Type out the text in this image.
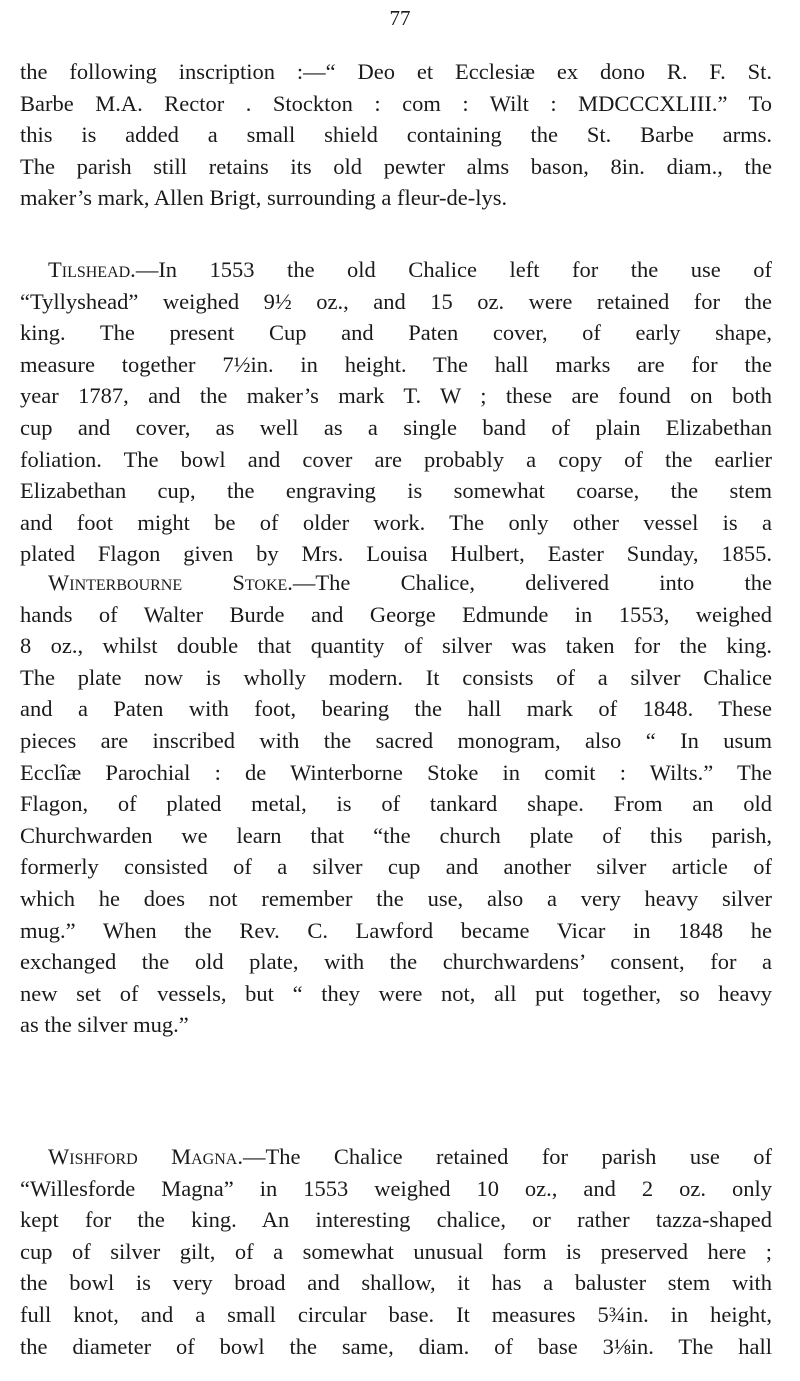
77
the following inscription :—“ Deo et Ecclesiæ ex dono R. F. St.
Barbe M.A. Rector . Stockton : com : Wilt : MDCCCXLIII.” To
this is added a small shield containing the St. Barbe arms.
The parish still retains its old pewter alms bason, 8in. diam., the
maker’s mark, Allen Brigt, surrounding a fleur-de-lys.
Tilshead.—In 1553 the old Chalice left for the use of
“Tyllyshead” weighed 9½ oz., and 15 oz. were retained for the
king. The present Cup and Paten cover, of early shape,
measure together 7½in. in height. The hall marks are for the
year 1787, and the maker’s mark T. W ; these are found on both
cup and cover, as well as a single band of plain Elizabethan
foliation. The bowl and cover are probably a copy of the earlier
Elizabethan cup, the engraving is somewhat coarse, the stem
and foot might be of older work. The only other vessel is a
plated Flagon given by Mrs. Louisa Hulbert, Easter Sunday, 1855.
Winterbourne Stoke.—The Chalice, delivered into the
hands of Walter Burde and George Edmunde in 1553, weighed
8 oz., whilst double that quantity of silver was taken for the king.
The plate now is wholly modern. It consists of a silver Chalice
and a Paten with foot, bearing the hall mark of 1848. These
pieces are inscribed with the sacred monogram, also “ In usum
Ecclîæ Parochial : de Winterborne Stoke in comit : Wilts.” The
Flagon, of plated metal, is of tankard shape. From an old
Churchwarden we learn that “the church plate of this parish,
formerly consisted of a silver cup and another silver article of
which he does not remember the use, also a very heavy silver
mug.” When the Rev. C. Lawford became Vicar in 1848 he
exchanged the old plate, with the churchwardens’ consent, for a
new set of vessels, but “ they were not, all put together, so heavy
as the silver mug.”
Wishford Magna.—The Chalice retained for parish use of
“Willesforde Magna” in 1553 weighed 10 oz., and 2 oz. only
kept for the king. An interesting chalice, or rather tazza-shaped
cup of silver gilt, of a somewhat unusual form is preserved here ;
the bowl is very broad and shallow, it has a baluster stem with
full knot, and a small circular base. It measures 5¾in. in height,
the diameter of bowl the same, diam. of base 3⅛in. The hall
